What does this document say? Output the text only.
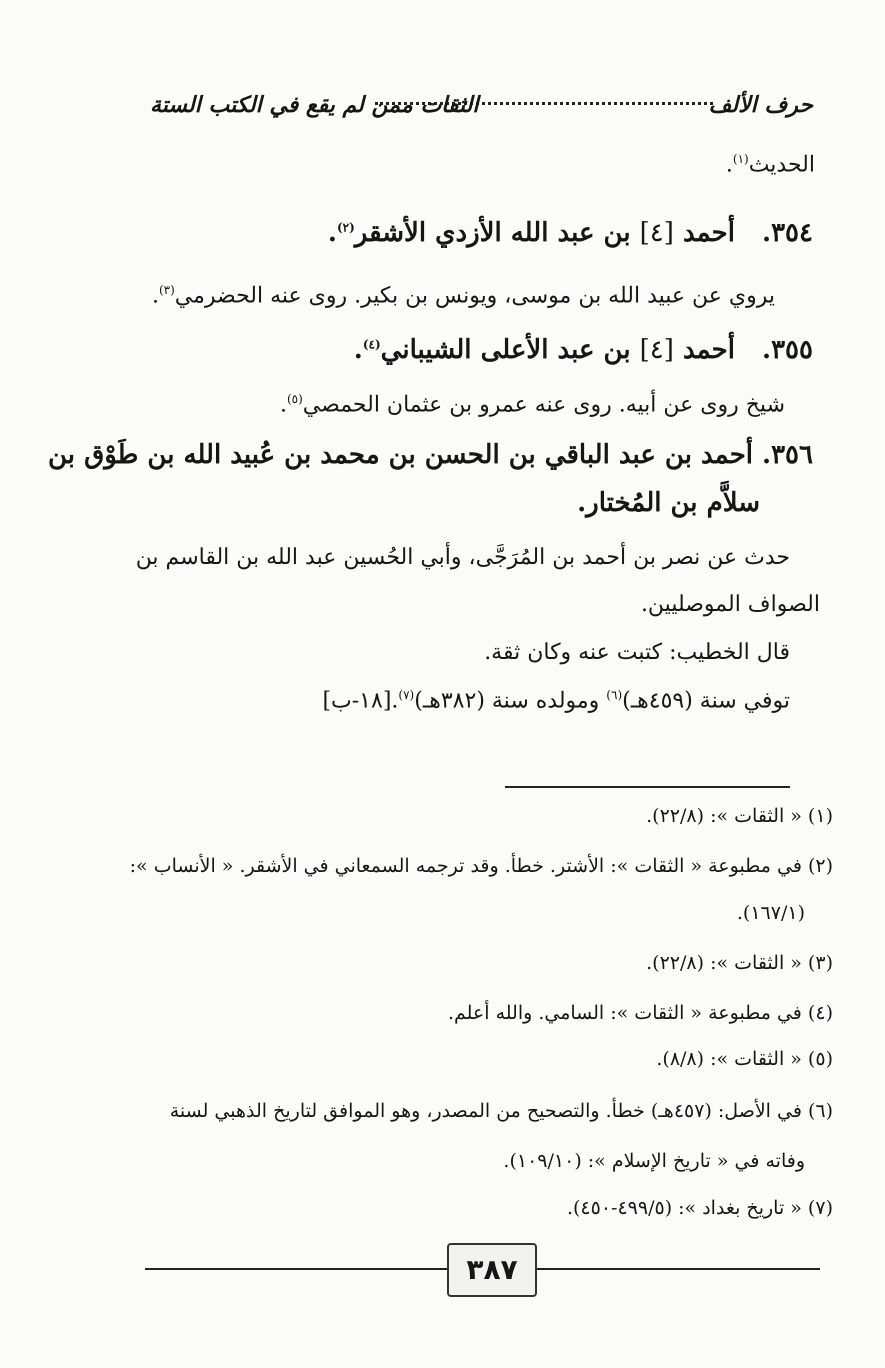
حرف الألف
الثقات ممن لم يقع في الكتب الستة
الحديث$^{(١)}$.
٣٥٤. أحمد [٤] بن عبد الله الأزدي الأشقر$^{(٢)}$.
يروي عن عبيد الله بن موسى، ويونس بن بكير. روى عنه الحضرمي$^{(٣)}$.
٣٥٥. أحمد [٤] بن عبد الأعلى الشيباني$^{(٤)}$.
شيخ روى عن أبيه. روى عنه عمرو بن عثمان الحمصي$^{(٥)}$.
٣٥٦. أحمد بن عبد الباقي بن الحسن بن محمد بن عُبيد الله بن طَوْق بن
سلاَّم بن المُختار.
حدث عن نصر بن أحمد بن المُرَجَّى، وأبي الحُسين عبد الله بن القاسم بن
الصواف الموصليين.
قال الخطيب: كتبت عنه وكان ثقة.
توفي سنة (٤٥٩هـ)$^{(٦)}$ ومولده سنة (٣٨٢هـ)$^{(٧)}$.[١٨-ب]
(١) « الثقات »: (٢٢/٨).
(٢) في مطبوعة « الثقات »: الأشتر. خطأ. وقد ترجمه السمعاني في الأشقر. « الأنساب »:
(١٦٧/١).
(٣) « الثقات »: (٢٢/٨).
(٤) في مطبوعة « الثقات »: السامي. والله أعلم.
(٥) « الثقات »: (٨/٨).
(٦) في الأصل: (٤٥٧هـ) خطأ. والتصحيح من المصدر، وهو الموافق لتاريخ الذهبي لسنة
وفاته في « تاريخ الإسلام »: (١٠٩/١٠).
(٧) « تاريخ بغداد »: (٤٩٩/٥-٤٥٠).
٣٨٧
